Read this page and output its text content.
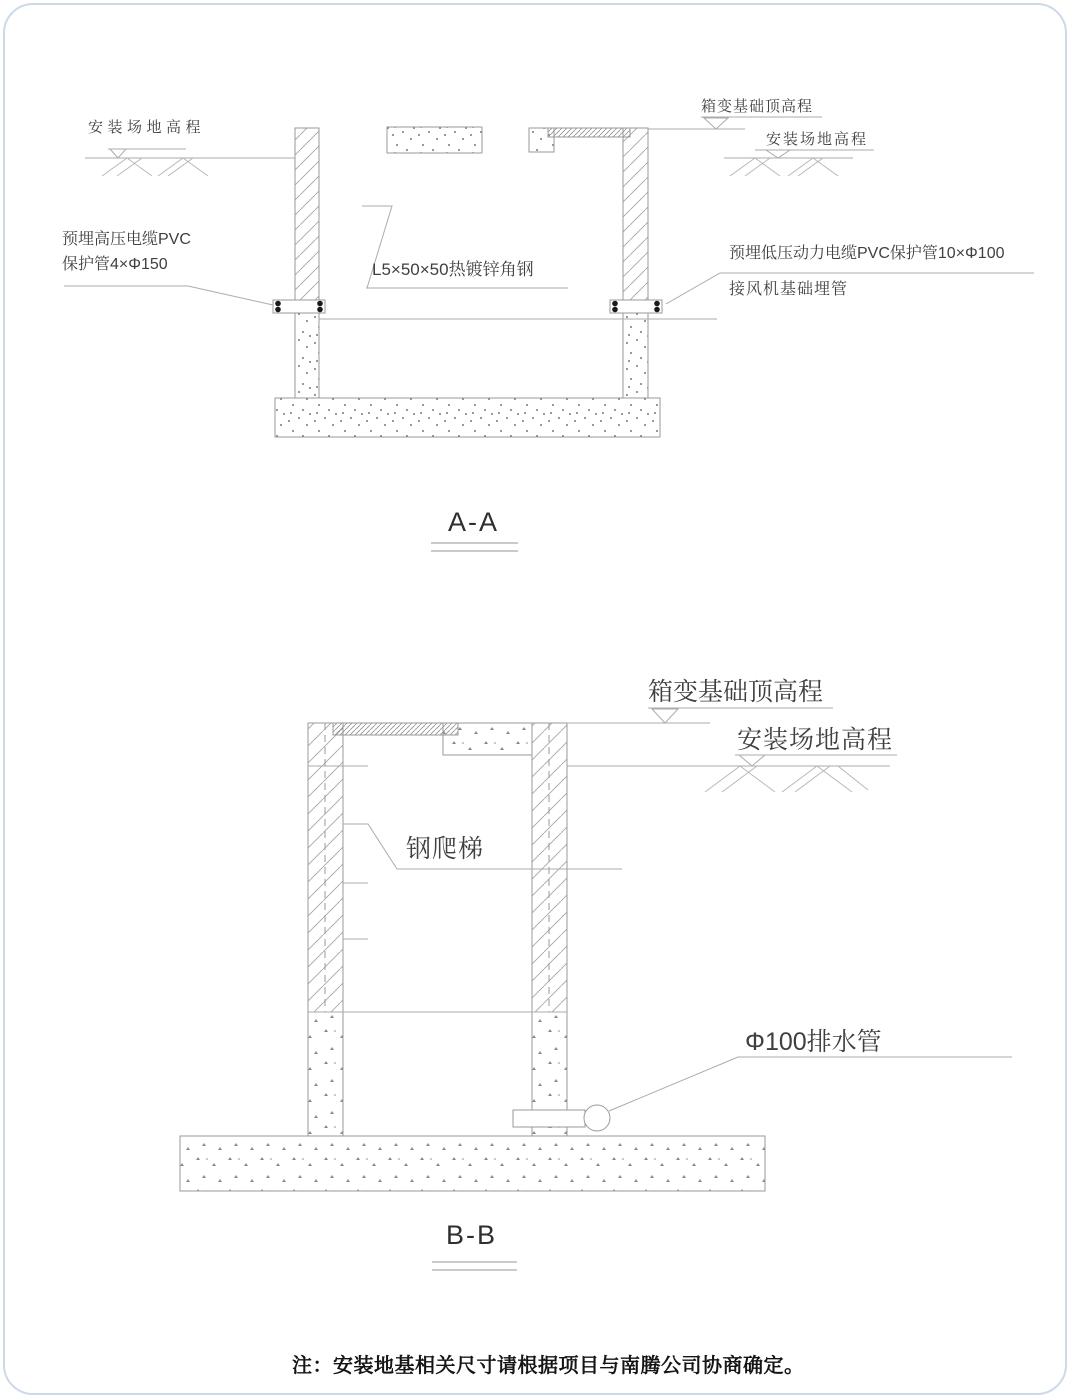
安装场地高程
预埋高压电缆PVC
保护管4×Φ150	L5×50×50热镀锌角钢
箱变基础顶高程
安装场地高程
预埋低压动力电缆PVC保护管10×Φ100
接风机基础埋管
A-A
箱变基础顶高程
安装场地高程
钢爬梯
Φ100排水管
B-B
注：安装地基相关尺寸请根据项目与南腾公司协商确定。
